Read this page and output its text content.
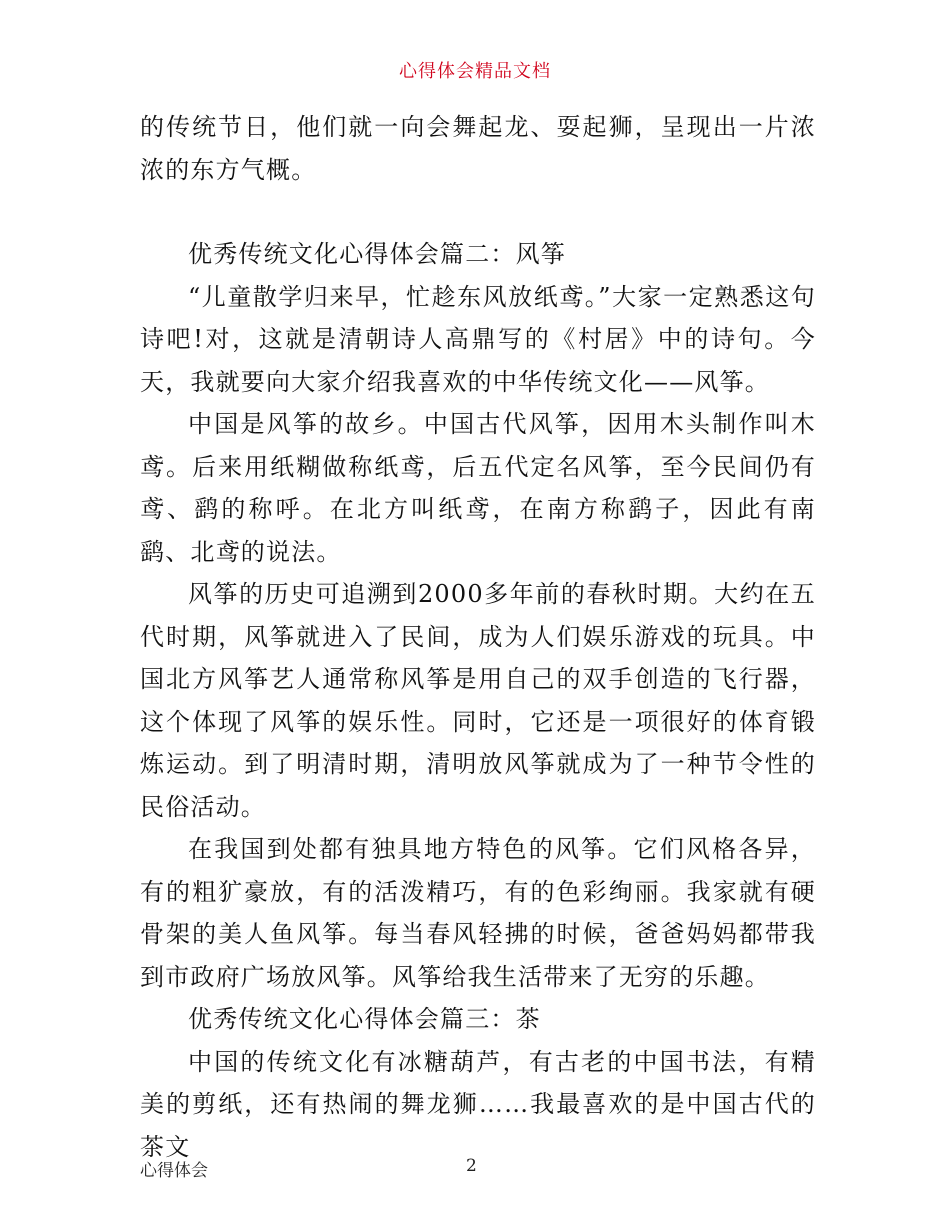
心得体会精品文档

的传统节日，他们就一向会舞起龙、耍起狮，呈现出一片浓浓的东方气概。

优秀传统文化心得体会篇二：风筝

“儿童散学归来早，忙趁东风放纸鸢。”大家一定熟悉这句诗吧!对，这就是清朝诗人高鼎写的《村居》中的诗句。今天，我就要向大家介绍我喜欢的中华传统文化——风筝。

中国是风筝的故乡。中国古代风筝，因用木头制作叫木鸢。后来用纸糊做称纸鸢，后五代定名风筝，至今民间仍有鸢、鹞的称呼。在北方叫纸鸢，在南方称鹞子，因此有南鹞、北鸢的说法。

风筝的历史可追溯到2000多年前的春秋时期。大约在五代时期，风筝就进入了民间，成为人们娱乐游戏的玩具。中国北方风筝艺人通常称风筝是用自己的双手创造的飞行器，这个体现了风筝的娱乐性。同时，它还是一项很好的体育锻炼运动。到了明清时期，清明放风筝就成为了一种节令性的民俗活动。

在我国到处都有独具地方特色的风筝。它们风格各异，有的粗犷豪放，有的活泼精巧，有的色彩绚丽。我家就有硬骨架的美人鱼风筝。每当春风轻拂的时候，爸爸妈妈都带我到市政府广场放风筝。风筝给我生活带来了无穷的乐趣。

优秀传统文化心得体会篇三：茶

中国的传统文化有冰糖葫芦，有古老的中国书法，有精美的剪纸，还有热闹的舞龙狮……我最喜欢的是中国古代的茶文

心得体会	2
